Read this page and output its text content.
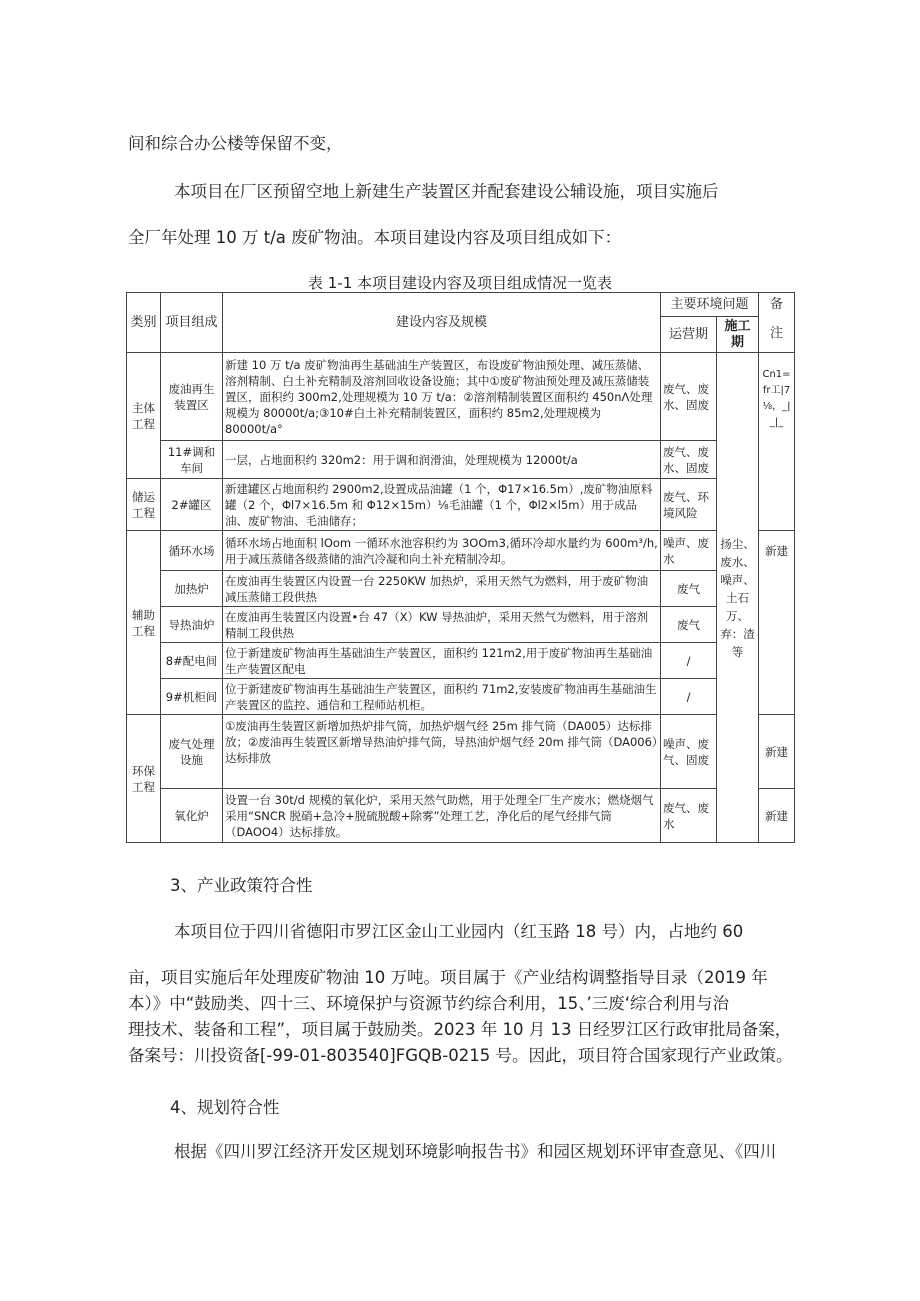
间和综合办公楼等保留不变，
本项目在厂区预留空地上新建生产装置区并配套建设公辅设施，项目实施后
全厂年处理 10 万 t/a 废矿物油。本项目建设内容及项目组成如下：
表 1-1 本项目建设内容及项目组成情况一览表
类别	项目组成	建设内容及规模	主要环境问题		备
			运营期	施工期	注
主体工程	废油再生装置区	新建 10 万 t/a 废矿物油再生基础油生产装置区，布设废矿物油预处理、减压蒸储、溶剂精制、白土补充精制及溶剂回收设备设施；其中①废矿物油预处理及减压蒸储装置区，面积约 300m2,处理规模为 10 万 t/a：②溶剂精制装置区面积约 450nΛ处理规模为 80000t/a;③10#白土补充精制装置区，面积约 85m2,处理规模为 80000t/a°	废气、废水、固废	扬尘、废水、噪声、土石万、弃：渣等	Cn1=fr工|7⅛，_|_|_
	11#调和车间	一层，占地面积约 320m2：用于调和润滑油，处理规模为 12000t/a	废气、废水、固废		
储运工程	2#罐区	新建罐区占地面积约 2900m2,设置成品油罐（1 个，Φ17×16.5m）,废矿物油原料罐（2 个，Φl7×16.5m 和 Φ12×15m）⅛毛油罐（1 个，Φl2×l5m）用于成品油、废矿物油、毛油储存；	废气、环境风险		
辅助工程	循环水场	循环水场占地面积 lOom 一循环水池容积约为 3OOm3,循环冷却水量约为 600m³/h,用于减压蒸储各级蒸储的油汽冷凝和向土补充精制冷却。	噪声、废水		新建
	加热炉	在废油再生装置区内设置一台 2250KW 加热炉，采用天然气为燃料，用于废矿物油减压蒸储工段供热	废气		
	导热油炉	在废油再生装置区内设置•台 47（X）KW 导热油炉，采用天然气为燃料，用于溶剂精制工段供热	废气		
	8#配电间	位于新建废矿物油再生基础油生产装置区，面积约 121m2,用于废矿物油再生基础油生产装置区配电	/		
	9#机柜间	位于新建废矿物油再生基础油生产装置区，面积约 71m2,安装废矿物油再生基础油生产装置区的监控、通信和工程师站机柜。	/		
环保工程	废气处理设施	①废油再生装置区新增加热炉排气筒，加热炉烟气经 25m 排气筒（DA005）达标排放；②废油再生装置区新增导热油炉排气筒，导热油炉烟气经 20m 排气筒（DA006）达标排放	噪声、废气、固废		新建
	氧化炉	设置一台 30t/d 规模的氧化炉，采用天然气助燃，用于处理全厂生产废水；燃烧烟气采用“SNCR 脱硝+急冷+脱硫脱酸+除雾”处理工艺，净化后的尾气经排气筒（DAOO4）达标排放。	废气、废水		新建
3、产业政策符合性
本项目位于四川省德阳市罗江区金山工业园内（红玉路 18 号）内，占地约 60
亩，项目实施后年处理废矿物油 10 万吨。项目属于《产业结构调整指导目录（2019 年
本）》中“鼓励类、四十三、环境保护与资源节约综合利用，15、’三废‘综合利用与治
理技术、装备和工程”，项目属于鼓励类。2023 年 10 月 13 日经罗江区行政审批局备案，
备案号：川投资备[-99-01-803540]FGQB-0215 号。因此，项目符合国家现行产业政策。
4、规划符合性
根据《四川罗江经济开发区规划环境影响报告书》和园区规划环评审查意见、《四川
